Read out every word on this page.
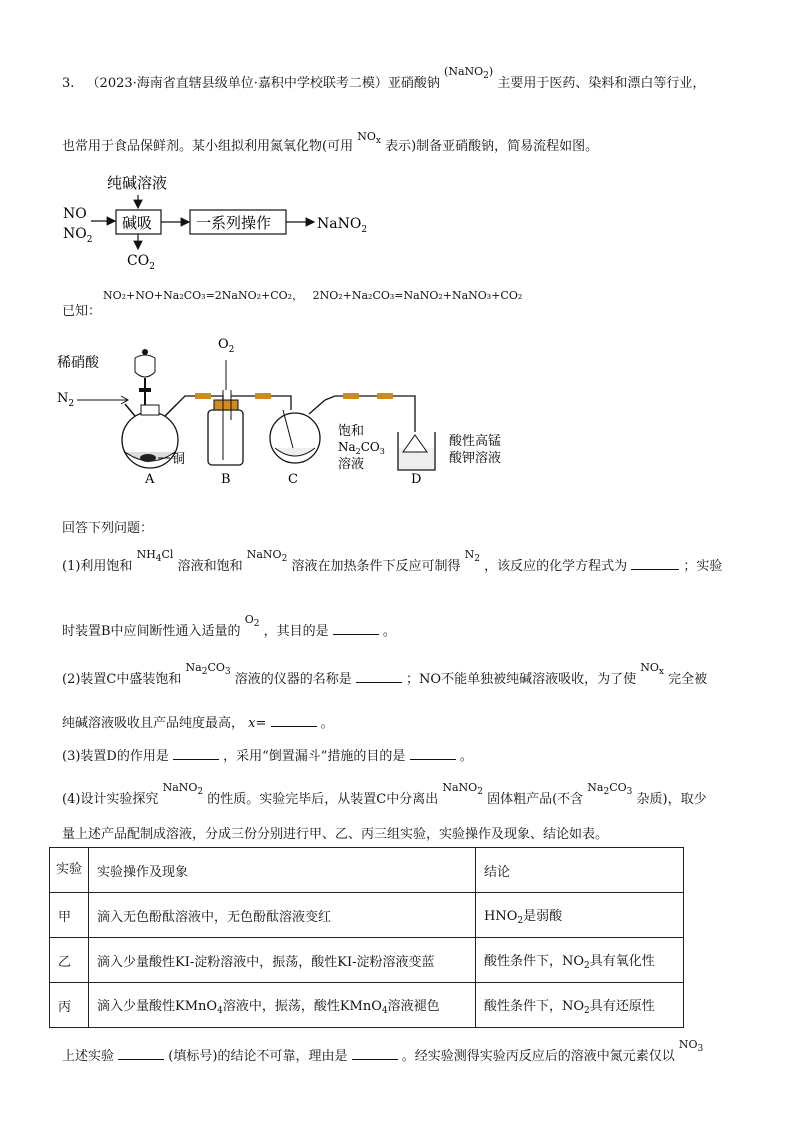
3. （2023·海南省直辖县级单位·嘉积中学校联考二模）亚硝酸钠 $^{(NaNO_2)}$ 主要用于医药、染料和漂白等行业，
也常用于食品保鲜剂。某小组拟利用氮氧化物(可用 $^{NO_x}$ 表示)制备亚硝酸钠，简易流程如图。
纯碱溶液
NO
$NO_2$
碱吸	一系列操作	NaNO$_2$
$CO_2$
已知：
NO₂+NO+Na₂CO₃=2NaNO₂+CO₂， 2NO₂+Na₂CO₃=NaNO₂+NaNO₃+CO₂
稀硝酸
$N_2$
铜
A
$O_2$
B	C
饱和
$Na_2CO_3$
溶液
D
酸性高锰
酸钾溶液
回答下列问题：
(1)利用饱和 $^{NH_4Cl}$ 溶液和饱和 $^{NaNO_2}$ 溶液在加热条件下反应可制得 $^{N_2}$ ，该反应的化学方程式为	；实验
时装置B中应间断性通入适量的 $^{O_2}$ ，其目的是	。
(2)装置C中盛装饱和 $^{Na_2CO_3}$ 溶液的仪器的名称是	；NO不能单独被纯碱溶液吸收，为了使 $^{NO_x}$ 完全被
纯碱溶液吸收且产品纯度最高， x=	。
(3)装置D的作用是	，采用“倒置漏斗”措施的目的是	。
(4)设计实验探究 $^{NaNO_2}$ 的性质。实验完毕后，从装置C中分离出 $^{NaNO_2}$ 固体粗产品(不含 $^{Na_2CO_3}$ 杂质)，取少
量上述产品配制成溶液，分成三份分别进行甲、乙、丙三组实验，实验操作及现象、结论如表。
实验	实验操作及现象	结论
甲	滴入无色酚酞溶液中，无色酚酞溶液变红	$HNO_2$是弱酸
乙	滴入少量酸性KI-淀粉溶液中，振荡，酸性KI-淀粉溶液变蓝	酸性条件下，$NO_2$具有氧化性
丙	滴入少量酸性KMnO$_4$溶液中，振荡，酸性KMnO$_4$溶液褪色	酸性条件下，$NO_2$具有还原性
上述实验	(填标号)的结论不可靠，理由是	。经实验测得实验丙反应后的溶液中氮元素仅以 $^{NO_3}$
